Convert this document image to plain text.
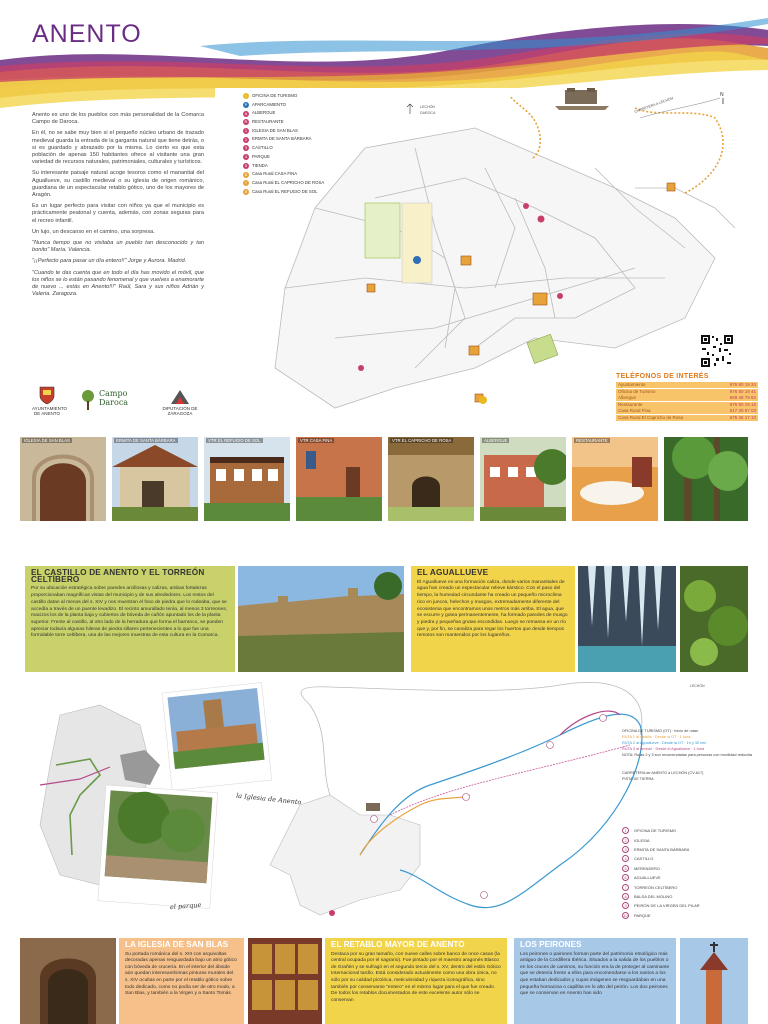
ANENTO

Anento es uno de los pueblos con más personalidad de la Comarca Campo de Daroca.

En él, no se sabe muy bien si el pequeño núcleo urbano de trazado medieval guarda la entrada de la garganta natural que tiene detrás, o si es guardado y abrazado por la misma. Lo cierto es que esta población de apenas 150 habitantes ofrece al visitante una gran variedad de recursos naturales, patrimoniales, culturales y turísticos.

Su interesante paisaje natural acoge tesoros como el manantial del Aguallueve, su castillo medieval o su iglesia de origen románico, guardiana de un espectacular retablo gótico, uno de los mayores de Aragón.

Es un lugar perfecto para visitar con niños ya que el municipio es prácticamente peatonal y cuenta, además, con zonas seguras para el recreo infantil.

Un lujo, un descanso en el camino, una sorpresa.

"Nunca tiempo que no visitaba un pueblo tan desconocido y tan bonito" María. Valencia.

"¡¡Perfecto para pasar un día entero!!" Jorge y Aurora. Madrid.

"Cuando te das cuenta que en todo el día has movido el móvil, que los niños se lo están pasando fenomenal y que vuelves a enamorarte de nuevo ... estás en Anento!!!" Raúl, Sara y sus niños Adrián y Valeria. Zaragoza.

AYUNTAMIENTO DE ANENTO
Campo
Daroca
DIPUTACIÓN DE ZARAGOZA
N
LECHÓN
DAROCA	CARRETERA A LECHÓN
i	OFICINA DE TURISMO
P	APARCAMIENTO
A	ALBERGUE
R	RESTAURANTE
1	IGLESIA DE SAN BLAS
2	ERMITA DE SANTA BÁRBARA
3	CASTILLO
4	PARQUE
5	TIENDA
6	Casa Rural CASA FINA
7	Casa Rural EL CAPRICHO DE ROSA
8	Casa Rural EL REFUGIO DE SOL
TELÉFONOS DE INTERÉS
Ayuntamiento	976 80 19 34
Oficina de Turismo	976 80 19 41
Albergue	669 48 79 83
Restaurante	976 80 19 15
Casa Rural Fina	617 30 97 03
Casa Rural El Capricho de Rosa	675 36 17 10
IGLESIA DE SAN BLAS	ERMITA DE SANTA BÁRBARA	VTR EL REFUGIO DE SOL	VTR CASA FINA	VTR EL CAPRICHO DE ROSA	ALBERGUE	RESTAURANTE
EL CASTILLO DE ANENTO Y EL TORREÓN CELTÍBERO
Por su ubicación estratégica sobre paredes arcillosas y calizas, ambas fortalezas proporcionaban magníficas vistas del municipio y de sus alrededores. Los restos del castillo datan al menos del s. XIV y nos muestran el foso de piedra que lo rodeaba, que se accedía a través de un puente levadizo. El recinto amurallado tenía, al menos 3 torreones, macizos los de la planta baja y cubiertos de bóveda de cañón apuntado los de la planta superior. Frente al castillo, al otro lado de la herradura que forma el barranco, se pueden apreciar todavía algunas hileras de piedra sillares pertenecientes a lo que fue una formidable torre celtíbera, una de las mejores muestras de esta cultura en la Comarca.
EL AGUALLUEVE
El Aguallueve es una formación caliza, donde varios manantiales de agua han creado un espectacular relieve kárstico. Con el paso del tiempo, la humedad circundante ha creado un pequeño microclima rico en juncos, helechos y musgos, extremadamente diferente del ecosistema que encontramos unos metros más arriba. El agua, que se escurre y gotea permanentemente, ha formado paredes de musgo y piedra y pequeñas grutas escondidas. Luego se remansa en un río que y, por fin, se canaliza para regar los huertos que desde tiempos remotos son mantenidos por los lugareños.
LECHÓN
la Iglesia de Anento
el parque
OFICINA DE TURISMO (OT) · Inicio de rutas
RUTA 1 al castillo · Desde la OT · 1 hora
RUTA 2 al Aguallueve · Desde la OT · 1h y 30 min
RUTA 3 al torreón · Desde el Aguallueve · 1 hora
NOTA: Rutas 2 y 3 son recomendadas para personas con movilidad reducida
CARRETERA de ANENTO a LECHÓN (CV-617)
PISTA DE TIERRA
1	OFICINA DE TURISMO
2	IGLESIA
3	ERMITA DE SANTA BÁRBARA
4	CASTILLO
5	MERENDERO
6	AGUALLUEVE
7	TORREÓN CELTÍBERO
8	BALSA DEL MOLINO
9	PEIRÓN DE LA VIRGEN DEL PILAR
10	PARQUE
LA IGLESIA DE SAN BLAS
Su portada románica del s. XIII con arquivoltas decoradas apenas resguardada bajo un atrio gótico con bóveda de crucería. En el interior del ábside aún quedan interesantísimas pinturas murales del s. XIV ocultas en parte por el retablo gótico sobre todo dedicado, como no podía ser de otro modo, a San Blas, y también a la Virgen y a Santo Tomás
EL RETABLO MAYOR DE ANENTO
Destaca por su gran tamaño, con nueve calles sobre banco de once casas (la central ocupada por el sagrario). Fue pintado por el maestro aragonés Blasco de Grañén y se sufragó en el segundo tercio del s. XV, dentro del estilo Gótico Internacional tardío. Está considerado actualmente como una obra única, no sólo por su calidad pictórica, meticulosidad y riqueza iconográfica, sino también por conservarse "entero" en el mismo lugar para el que fue creado. De todos los retablos documentados de este excelente autor sólo se conservan
LOS PEIRONES
Los peirones o pairones forman parte del patrimonio etnológico más antiguo de la Cordillera Ibérica. Situados a la salida de los pueblos o en los cruces de caminos, su función era la de proteger al caminante que se detenía frente a ellos para encomendarse a los santos a los que estaban dedicados y cuyas imágenes se resguardaban en una pequeña hornacina o capillita en lo alto del peirón. Los dos peirones que se conservan en Anento han sido
